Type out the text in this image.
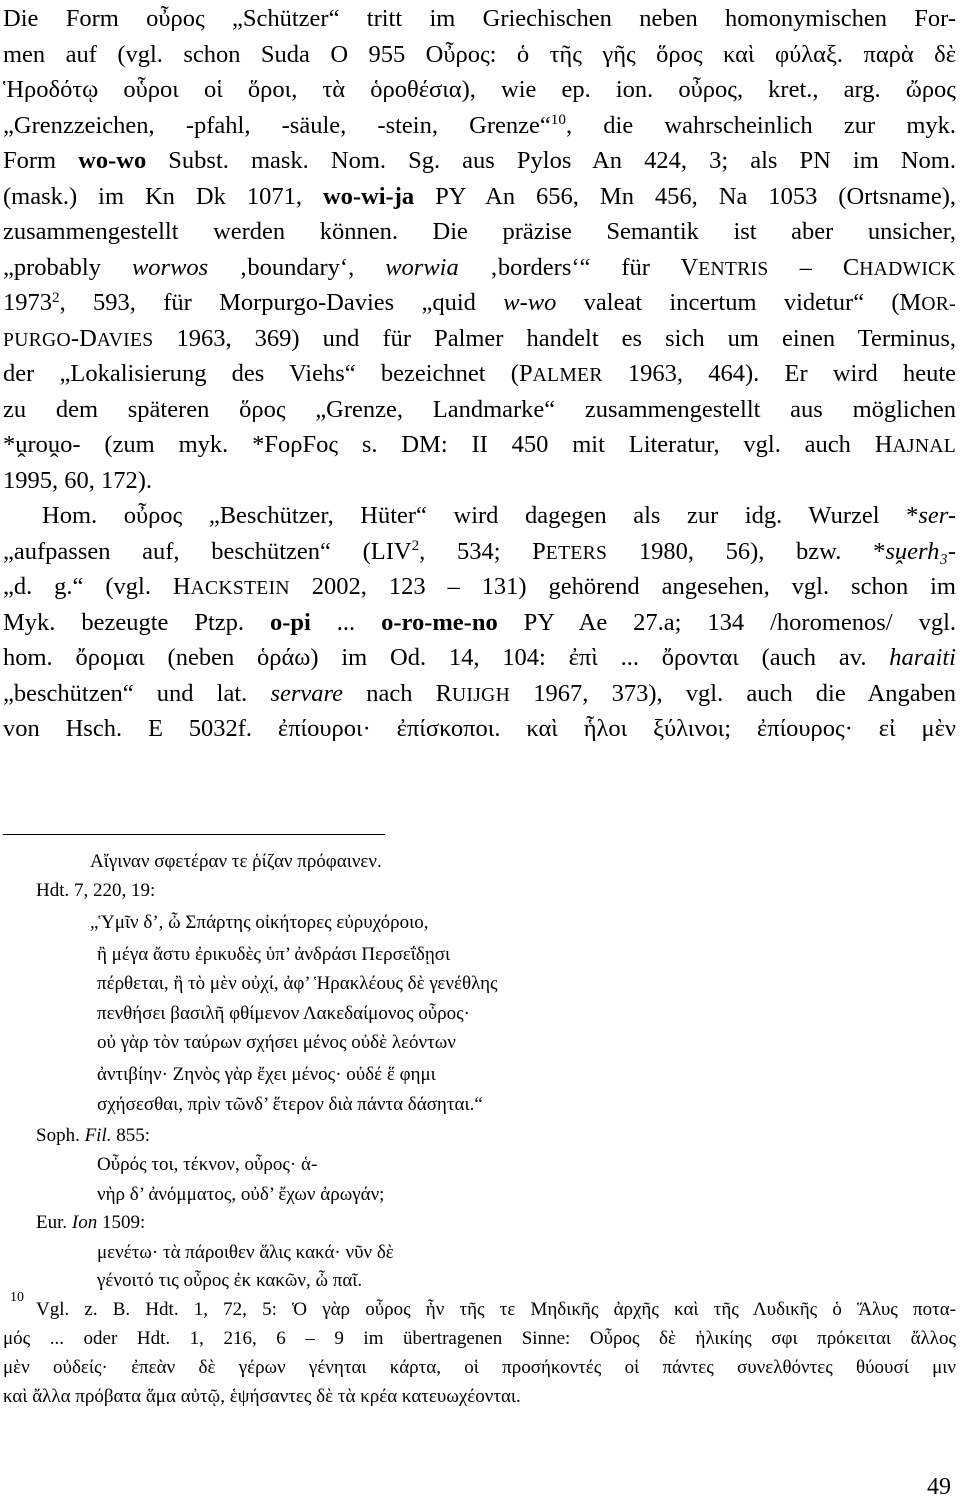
Die Form οὖρος „Schützer“ tritt im Griechischen neben homonymischen For-
men auf (vgl. schon Suda O 955 Οὖρος: ὁ τῆς γῆς ὅρος καὶ φύλαξ. παρὰ δὲ
Ἡροδότῳ οὗροι οἱ ὅροι, τὰ ὁροθέσια), wie ep. ion. οὖρος, kret., arg. ὤρος
„Grenzzeichen, -pfahl, -säule, -stein, Grenze“$^{10}$, die wahrscheinlich zur myk.
Form wo-wo Subst. mask. Nom. Sg. aus Pylos An 424, 3; als PN im Nom.
(mask.) im Kn Dk 1071, wo-wi-ja PY An 656, Mn 456, Na 1053 (Ortsname),
zusammengestellt werden können. Die präzise Semantik ist aber unsicher,
„probably worwos ‚boundary‘, worwia ‚borders‘“ für VENTRIS – CHADWICK
1973$^2$, 593, für Morpurgo-Davies „quid w-wo valeat incertum videtur“ (MOR-
PURGO-DAVIES 1963, 369) und für Palmer handelt es sich um einen Terminus,
der „Lokalisierung des Viehs“ bezeichnet (PALMER 1963, 464). Er wird heute
zu dem späteren ὅρος „Grenze, Landmarke“ zusammengestellt aus möglichen
*ṷroṷo- (zum myk. *ϜορϜος s. DM: II 450 mit Literatur, vgl. auch HAJNAL
1995, 60, 172).
Hom. οὖρος „Beschützer, Hüter“ wird dagegen als zur idg. Wurzel *ser-
„aufpassen auf, beschützen“ (LIV$^2$, 534; PETERS 1980, 56), bzw. *sṷerh₃-
„d. g.“ (vgl. HACKSTEIN 2002, 123 – 131) gehörend angesehen, vgl. schon im
Myk. bezeugte Ptzp. o-pi ... o-ro-me-no PY Ae 27.a; 134 /horomenos/ vgl.
hom. ὄρομαι (neben ὁράω) im Od. 14, 104: ἐπὶ ... ὄρονται (auch av. haraiti
„beschützen“ und lat. servare nach RUIJGH 1967, 373), vgl. auch die Angaben
von Hsch. E 5032f. ἐπίουροι· ἐπίσκοποι. καὶ ἧλοι ξύλινοι; ἐπίουρος· εἰ μὲν
Αἴγιναν σφετέραν τε ῥίζαν πρόφαινεν.
Hdt. 7, 220, 19:
„Ὑμῖν δ’, ὦ Σπάρτης οἰκήτορες εὐρυχόροιο,
ἢ μέγα ἄστυ ἐρικυδὲς ὑπ’ ἀνδράσι Περσεΐδῃσι
πέρθεται, ἢ τὸ μὲν οὐχί, ἀφ’ Ἡρακλέους δὲ γενέθλης
πενθήσει βασιλῆ φθίμενον Λακεδαίμονος οὖρος·
οὐ γὰρ τὸν ταύρων σχήσει μένος οὐδὲ λεόντων
ἀντιβίην· Ζηνὸς γὰρ ἔχει μένος· οὐδέ ἕ φημι
σχήσεσθαι, πρὶν τῶνδ’ ἕτερον διὰ πάντα δάσηται.“
Soph. Fil. 855:
Οὖρός τοι, τέκνον, οὖρος· ἁ-
νὴρ δ’ ἀνόμματος, οὐδ’ ἔχων ἀρωγάν;
Eur. Ion 1509:
μενέτω· τὰ πάροιθεν ἅλις κακά· νῦν δὲ
γένοιτό τις οὖρος ἐκ κακῶν, ὦ παῖ.
10
Vgl. z. B. Hdt. 1, 72, 5: Ὁ γὰρ οὖρος ἦν τῆς τε Μηδικῆς ἀρχῆς καὶ τῆς Λυδικῆς ὁ Ἅλυς ποτα-
μός ... oder Hdt. 1, 216, 6 – 9 im übertragenen Sinne: Οὖρος δὲ ἡλικίης σφι πρόκειται ἄλλος
μὲν οὐδείς· ἐπεὰν δὲ γέρων γένηται κάρτα, οἱ προσήκοντές οἱ πάντες συνελθόντες θύουσί μιν
καὶ ἄλλα πρόβατα ἅμα αὐτῷ, ἑψήσαντες δὲ τὰ κρέα κατευωχέονται.
49
